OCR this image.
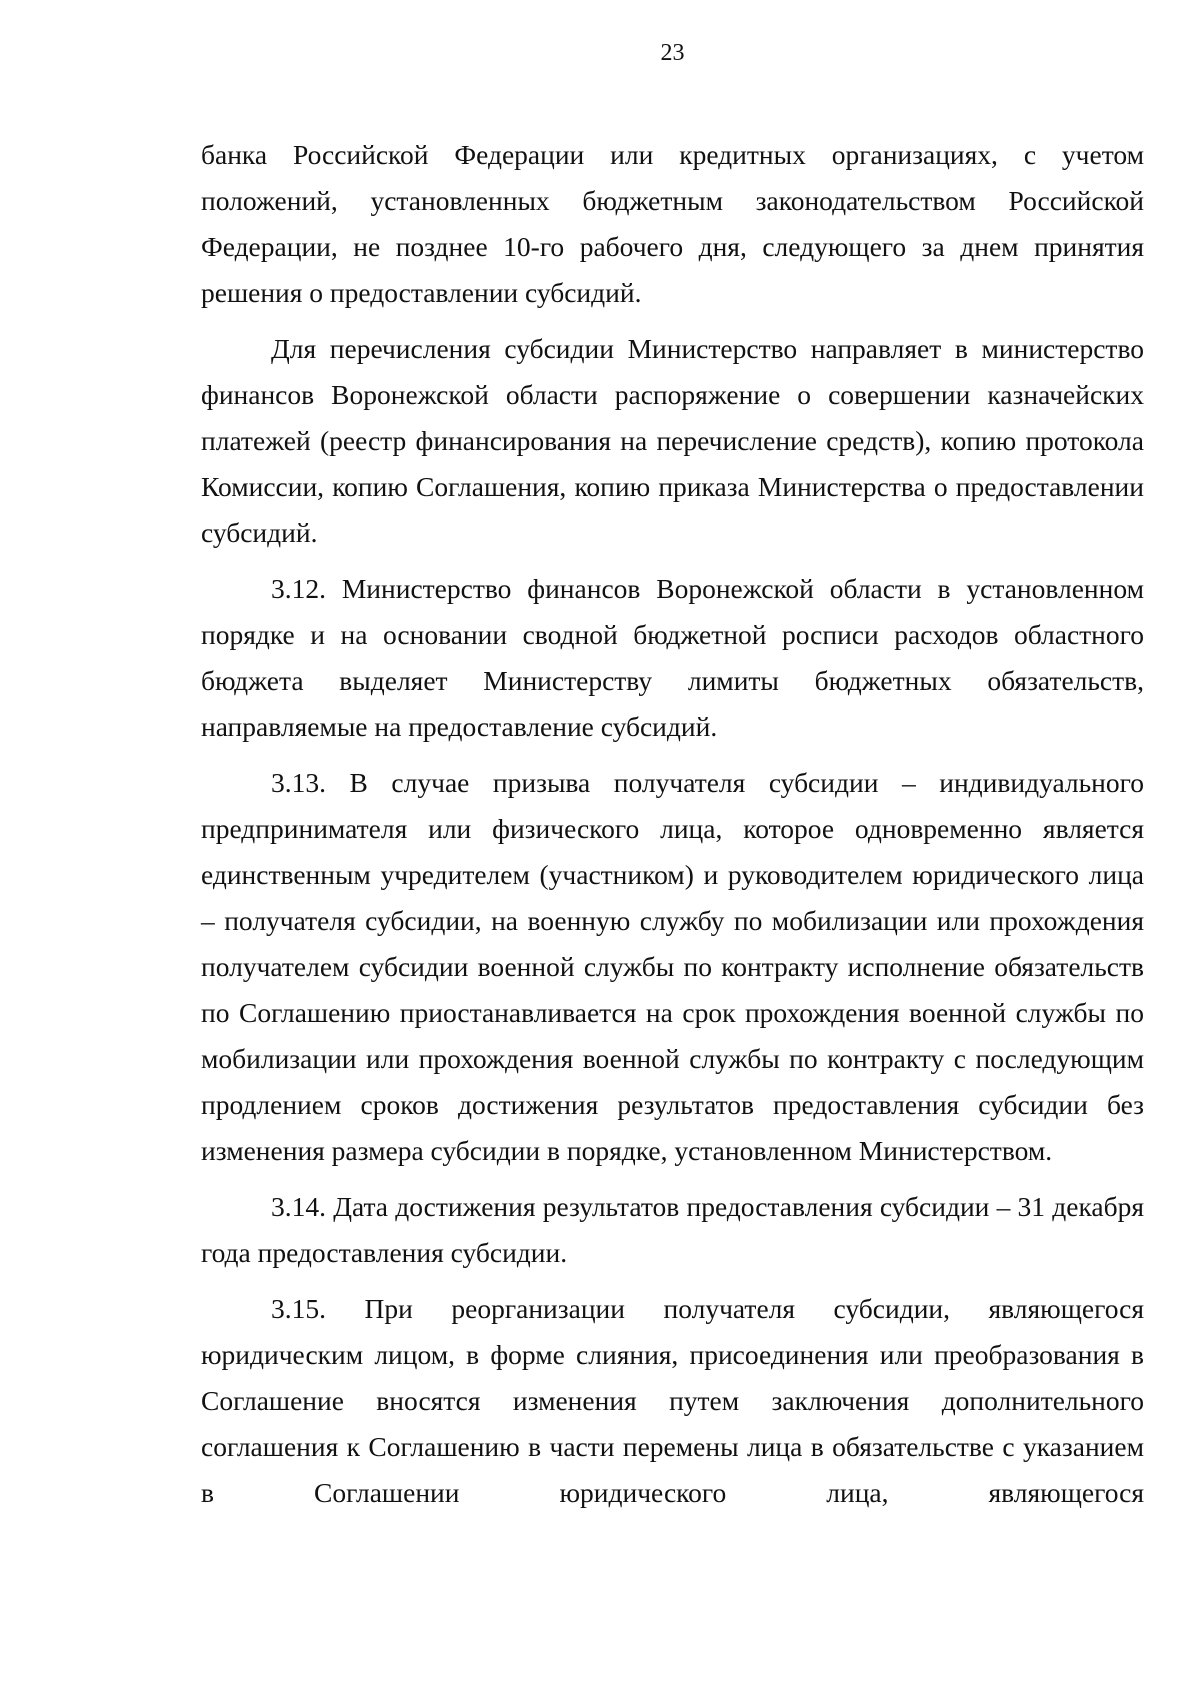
23

банка Российской Федерации или кредитных организациях, с учетом положений, установленных бюджетным законодательством Российской Федерации, не позднее 10-го рабочего дня, следующего за днем принятия решения о предоставлении субсидий.

Для перечисления субсидии Министерство направляет в министерство финансов Воронежской области распоряжение о совершении казначейских платежей (реестр финансирования на перечисление средств), копию протокола Комиссии, копию Соглашения, копию приказа Министерства о предоставлении субсидий.

3.12. Министерство финансов Воронежской области в установленном порядке и на основании сводной бюджетной росписи расходов областного бюджета выделяет Министерству лимиты бюджетных обязательств, направляемые на предоставление субсидий.

3.13. В случае призыва получателя субсидии – индивидуального предпринимателя или физического лица, которое одновременно является единственным учредителем (участником) и руководителем юридического лица – получателя субсидии, на военную службу по мобилизации или прохождения получателем субсидии военной службы по контракту исполнение обязательств по Соглашению приостанавливается на срок прохождения военной службы по мобилизации или прохождения военной службы по контракту с последующим продлением сроков достижения результатов предоставления субсидии без изменения размера субсидии в порядке, установленном Министерством.

3.14. Дата достижения результатов предоставления субсидии – 31 декабря года предоставления субсидии.

3.15. При реорганизации получателя субсидии, являющегося юридическим лицом, в форме слияния, присоединения или преобразования в Соглашение вносятся изменения путем заключения дополнительного соглашения к Соглашению в части перемены лица в обязательстве с указанием в Соглашении юридического лица, являющегося
